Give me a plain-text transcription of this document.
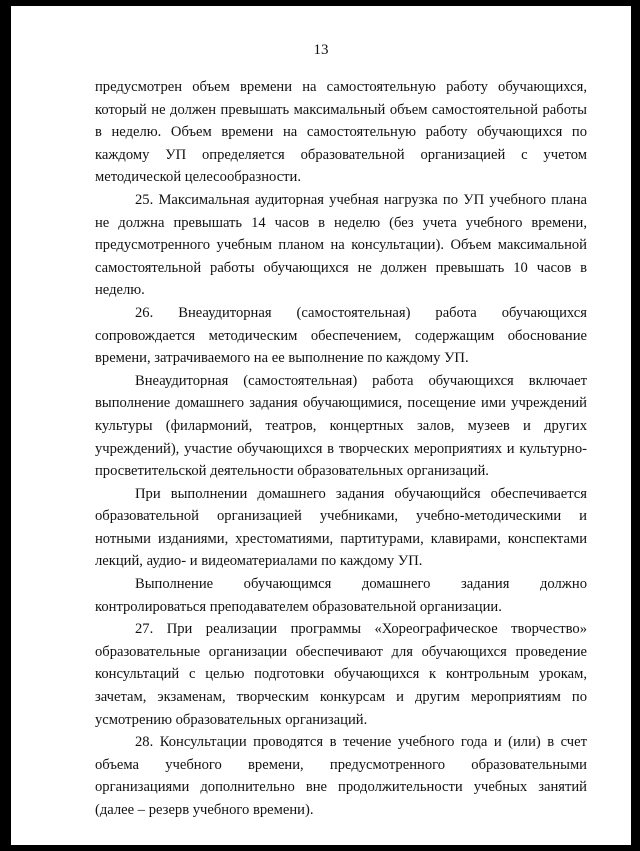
13

предусмотрен объем времени на самостоятельную работу обучающихся, который не должен превышать максимальный объем самостоятельной работы в неделю. Объем времени на самостоятельную работу обучающихся по каждому УП определяется образовательной организацией с учетом методической целесообразности.

25. Максимальная аудиторная учебная нагрузка по УП учебного плана не должна превышать 14 часов в неделю (без учета учебного времени, предусмотренного учебным планом на консультации). Объем максимальной самостоятельной работы обучающихся не должен превышать 10 часов в неделю.

26. Внеаудиторная (самостоятельная) работа обучающихся сопровождается методическим обеспечением, содержащим обоснование времени, затрачиваемого на ее выполнение по каждому УП.

Внеаудиторная (самостоятельная) работа обучающихся включает выполнение домашнего задания обучающимися, посещение ими учреждений культуры (филармоний, театров, концертных залов, музеев и других учреждений), участие обучающихся в творческих мероприятиях и культурно-просветительской деятельности образовательных организаций.

При выполнении домашнего задания обучающийся обеспечивается образовательной организацией учебниками, учебно-методическими и нотными изданиями, хрестоматиями, партитурами, клавирами, конспектами лекций, аудио- и видеоматериалами по каждому УП.

Выполнение обучающимся домашнего задания должно контролироваться преподавателем образовательной организации.

27. При реализации программы «Хореографическое творчество» образовательные организации обеспечивают для обучающихся проведение консультаций с целью подготовки обучающихся к контрольным урокам, зачетам, экзаменам, творческим конкурсам и другим мероприятиям по усмотрению образовательных организаций.

28. Консультации проводятся в течение учебного года и (или) в счет объема учебного времени, предусмотренного образовательными организациями дополнительно вне продолжительности учебных занятий (далее – резерв учебного времени).
